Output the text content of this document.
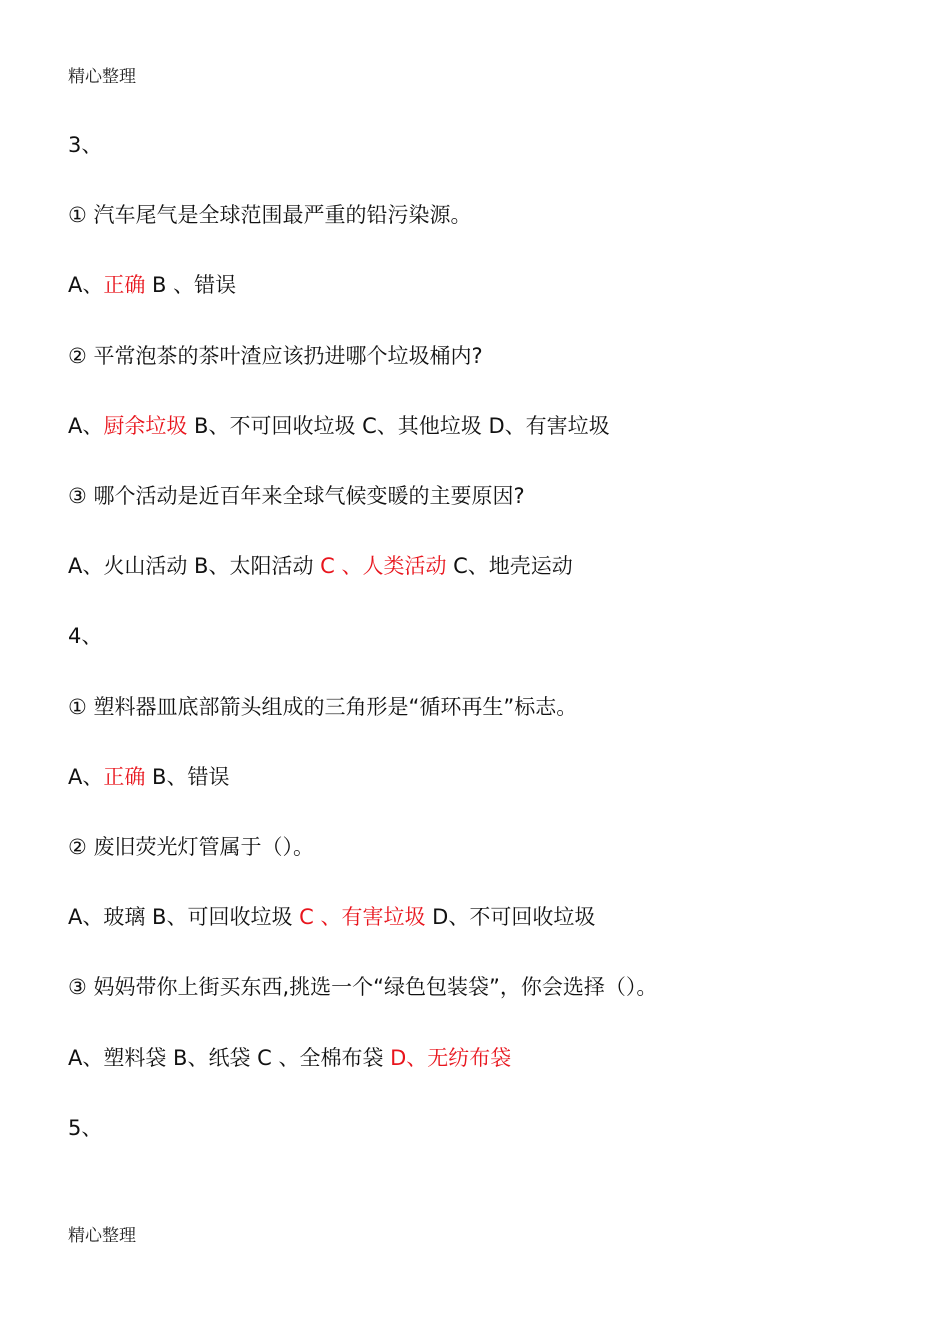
精心整理
3、
① 汽车尾气是全球范围最严重的铅污染源。
A、正确 B 、错误
② 平常泡茶的茶叶渣应该扔进哪个垃圾桶内?
A、厨余垃圾 B、不可回收垃圾 C、其他垃圾 D、有害垃圾
③ 哪个活动是近百年来全球气候变暖的主要原因?
A、火山活动 B、太阳活动 C 、人类活动 C、地壳运动
4、
① 塑料器皿底部箭头组成的三角形是“循环再生”标志。
A、正确 B、错误
② 废旧荧光灯管属于（）。
A、玻璃 B、可回收垃圾 C 、有害垃圾 D、不可回收垃圾
③ 妈妈带你上街买东西,挑选一个“绿色包装袋”，你会选择（）。
A、塑料袋 B、纸袋 C 、全棉布袋 D、无纺布袋
5、
精心整理
